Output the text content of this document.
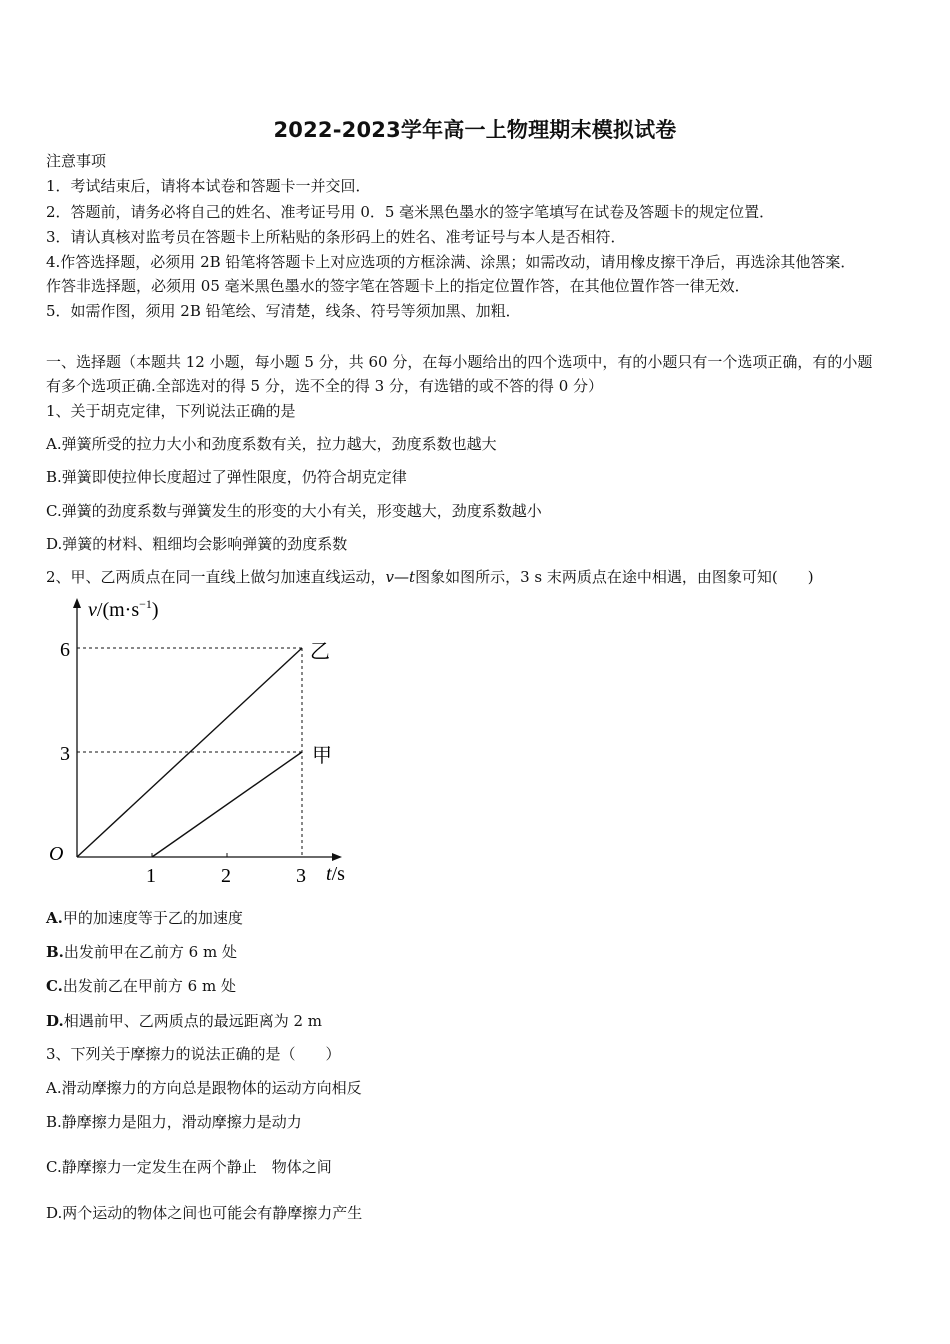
2022-2023学年高一上物理期末模拟试卷
注意事项
1．考试结束后，请将本试卷和答题卡一并交回．
2．答题前，请务必将自己的姓名、准考证号用 0．5 毫米黑色墨水的签字笔填写在试卷及答题卡的规定位置．
3．请认真核对监考员在答题卡上所粘贴的条形码上的姓名、准考证号与本人是否相符．
4.作答选择题，必须用 2B 铅笔将答题卡上对应选项的方框涂满、涂黑；如需改动，请用橡皮擦干净后，再选涂其他答案．
作答非选择题，必须用 05 毫米黑色墨水的签字笔在答题卡上的指定位置作答，在其他位置作答一律无效．
5．如需作图，须用 2B 铅笔绘、写清楚，线条、符号等须加黑、加粗．
一、选择题（本题共 12 小题，每小题 5 分，共 60 分，在每小题给出的四个选项中，有的小题只有一个选项正确，有的小题
有多个选项正确.全部选对的得 5 分，选不全的得 3 分，有选错的或不答的得 0 分）
1、关于胡克定律，下列说法正确的是
A.弹簧所受的拉力大小和劲度系数有关，拉力越大，劲度系数也越大
B.弹簧即使拉伸长度超过了弹性限度，仍符合胡克定律
C.弹簧的劲度系数与弹簧发生的形变的大小有关，形变越大，劲度系数越小
D.弹簧的材料、粗细均会影响弹簧的劲度系数
2、甲、乙两质点在同一直线上做匀加速直线运动，v—t图象如图所示，3 s 末两质点在途中相遇，由图象可知(　　)
$v/(m\cdot s^{-1})$
6
3
O
1	2	3 t/s
乙
甲
A.甲的加速度等于乙的加速度
B.出发前甲在乙前方 6 m 处
C.出发前乙在甲前方 6 m 处
D.相遇前甲、乙两质点的最远距离为 2 m
3、下列关于摩擦力的说法正确的是（　　）
A.滑动摩擦力的方向总是跟物体的运动方向相反
B.静摩擦力是阻力，滑动摩擦力是动力
C.静摩擦力一定发生在两个静止　物体之间
D.两个运动的物体之间也可能会有静摩擦力产生
